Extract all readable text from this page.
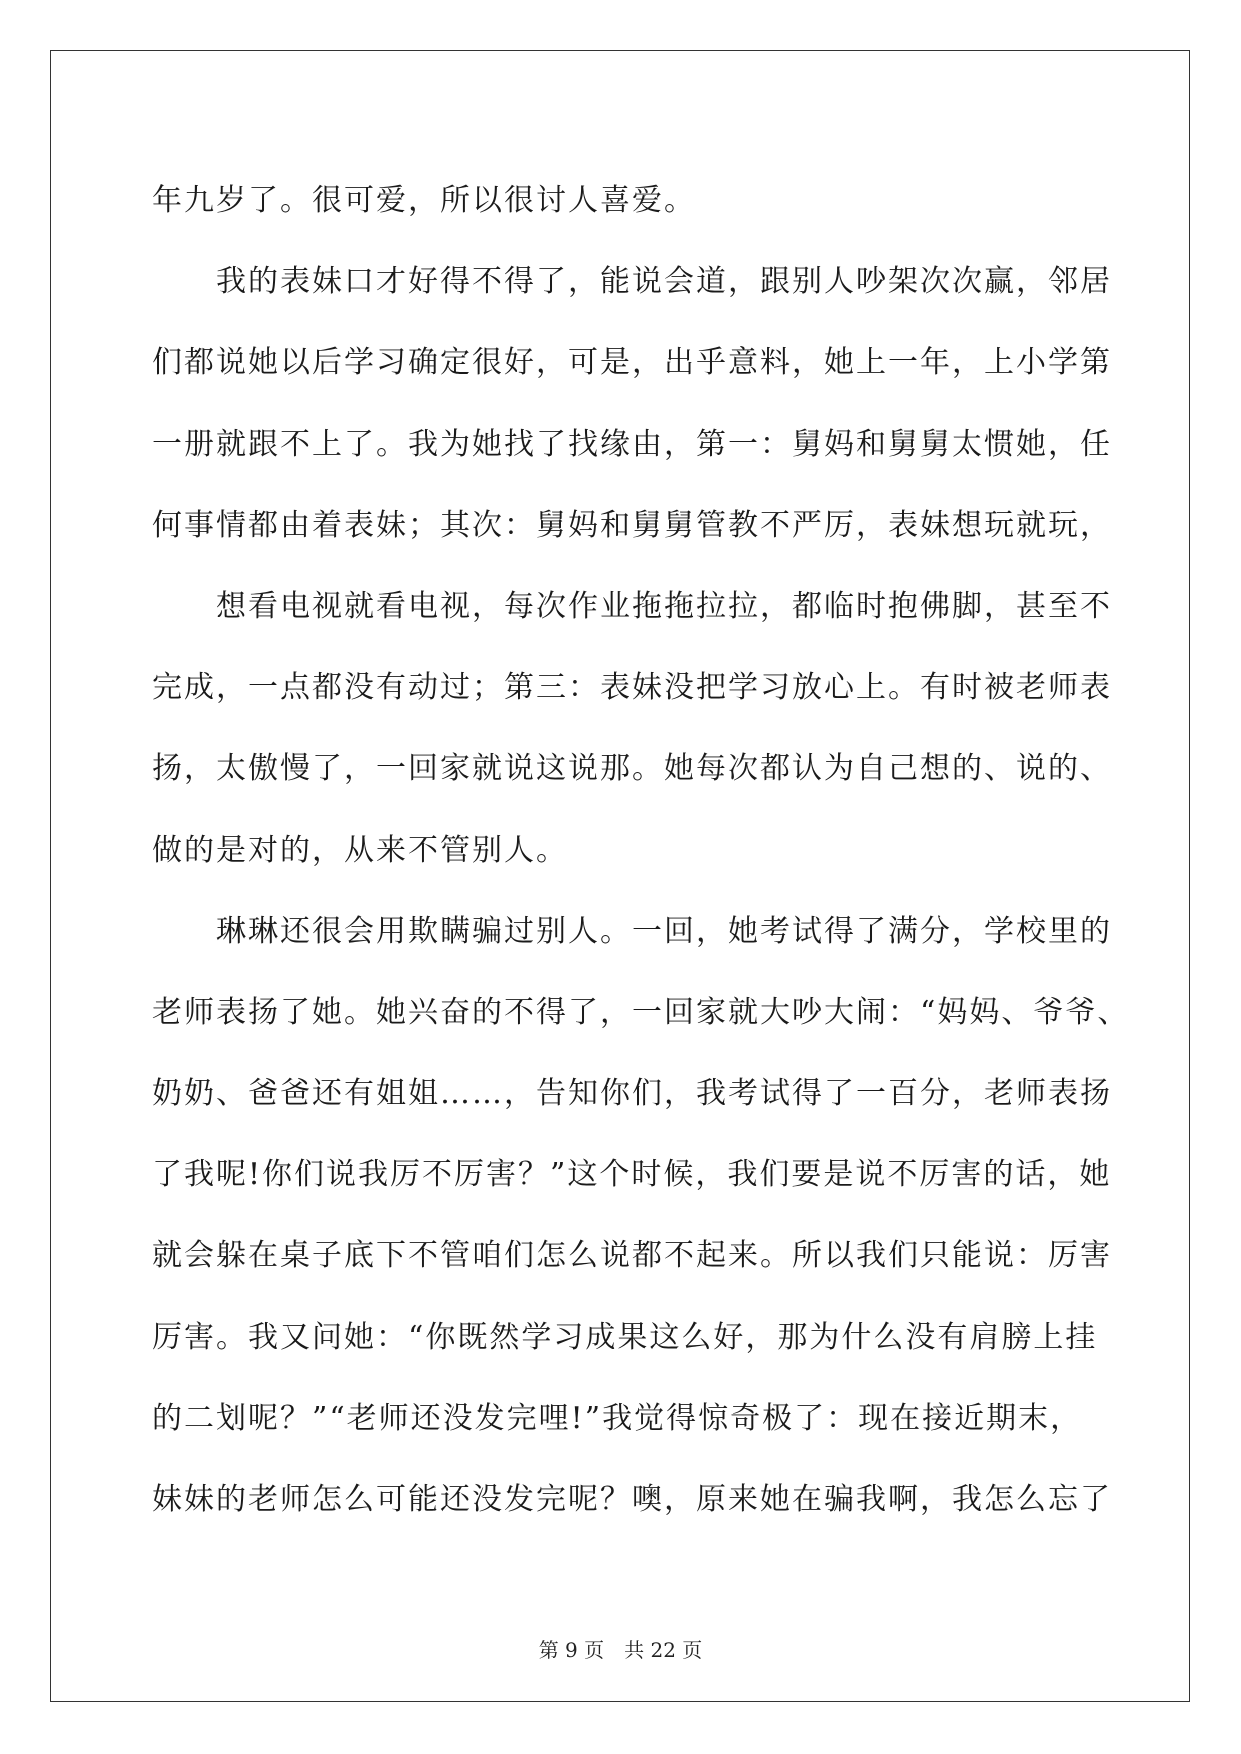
年九岁了。很可爱，所以很讨人喜爱。
我的表妹口才好得不得了，能说会道，跟别人吵架次次赢，邻居
们都说她以后学习确定很好，可是，出乎意料，她上一年，上小学第
一册就跟不上了。我为她找了找缘由，第一：舅妈和舅舅太惯她，任
何事情都由着表妹；其次：舅妈和舅舅管教不严厉，表妹想玩就玩，
想看电视就看电视，每次作业拖拖拉拉，都临时抱佛脚，甚至不
完成，一点都没有动过；第三：表妹没把学习放心上。有时被老师表
扬，太傲慢了，一回家就说这说那。她每次都认为自己想的、说的、
做的是对的，从来不管别人。
琳琳还很会用欺瞒骗过别人。一回，她考试得了满分，学校里的
老师表扬了她。她兴奋的不得了，一回家就大吵大闹：“妈妈、爷爷、
奶奶、爸爸还有姐姐……，告知你们，我考试得了一百分，老师表扬
了我呢!你们说我厉不厉害？”这个时候，我们要是说不厉害的话，她
就会躲在桌子底下不管咱们怎么说都不起来。所以我们只能说：厉害
厉害。我又问她：“你既然学习成果这么好，那为什么没有肩膀上挂
的二划呢？”“老师还没发完哩!”我觉得惊奇极了：现在接近期末，
妹妹的老师怎么可能还没发完呢？噢，原来她在骗我啊，我怎么忘了
第 9 页　共 22 页
